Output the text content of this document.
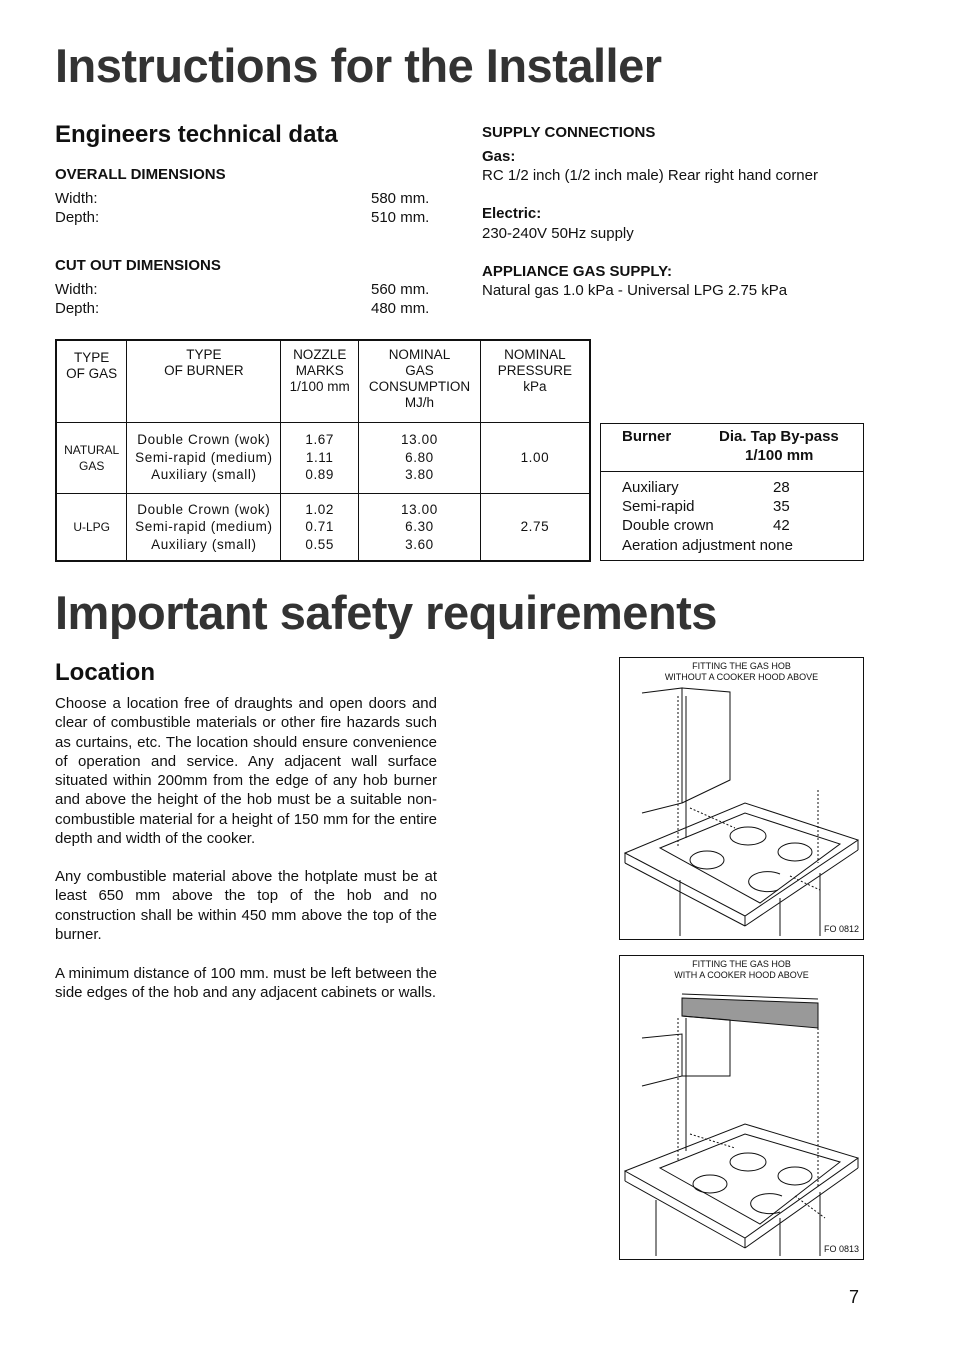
Instructions for the Installer
Engineers technical data
OVERALL DIMENSIONS
Width:	580 mm.
Depth:	510 mm.
CUT OUT DIMENSIONS
Width:	560 mm.
Depth:	480 mm.
SUPPLY CONNECTIONS
Gas:
RC 1/2 inch (1/2 inch male) Rear right hand corner
Electric:
230-240V 50Hz supply
APPLIANCE GAS SUPPLY:
Natural gas 1.0 kPa - Universal LPG 2.75 kPa
TYPE
OF GAS	TYPE
OF BURNER	NOZZLE
MARKS
1/100 mm	NOMINAL
GAS
CONSUMPTION
MJ/h	NOMINAL
PRESSURE
kPa

NATURAL
GAS	Double Crown (wok)
Semi-rapid (medium)
Auxiliary (small)	1.67
1.11
0.89	13.00
6.80
3.80	1.00

U-LPG	Double Crown (wok)
Semi-rapid (medium)
Auxiliary (small)	1.02
0.71
0.55	13.00
6.30
3.60	2.75
Burner	Dia. Tap By-pass
1/100 mm
Auxiliary	28
Semi-rapid	35
Double crown	42
Aeration adjustment none
Important safety requirements
Location
Choose a location free of draughts and open doors and clear of combustible materials or other fire hazards such as curtains, etc. The location should ensure convenience of operation and service. Any adjacent wall surface situated within 200mm from the edge of any hob burner and above the height of the hob must be a suitable non-combustible material for a height of 150 mm for the entire depth and width of the cooker.
Any combustible material above the hotplate must be at least 650 mm above the top of the hob and no construction shall be within 450 mm above the top of the burner.
A minimum distance of 100 mm. must be left between the side edges of the hob and any adjacent cabinets or walls.
FITTING THE GAS HOB
WITHOUT A COOKER HOOD ABOVE
FO 0812
FITTING THE GAS HOB
WITH A COOKER HOOD ABOVE
FO 0813
7
